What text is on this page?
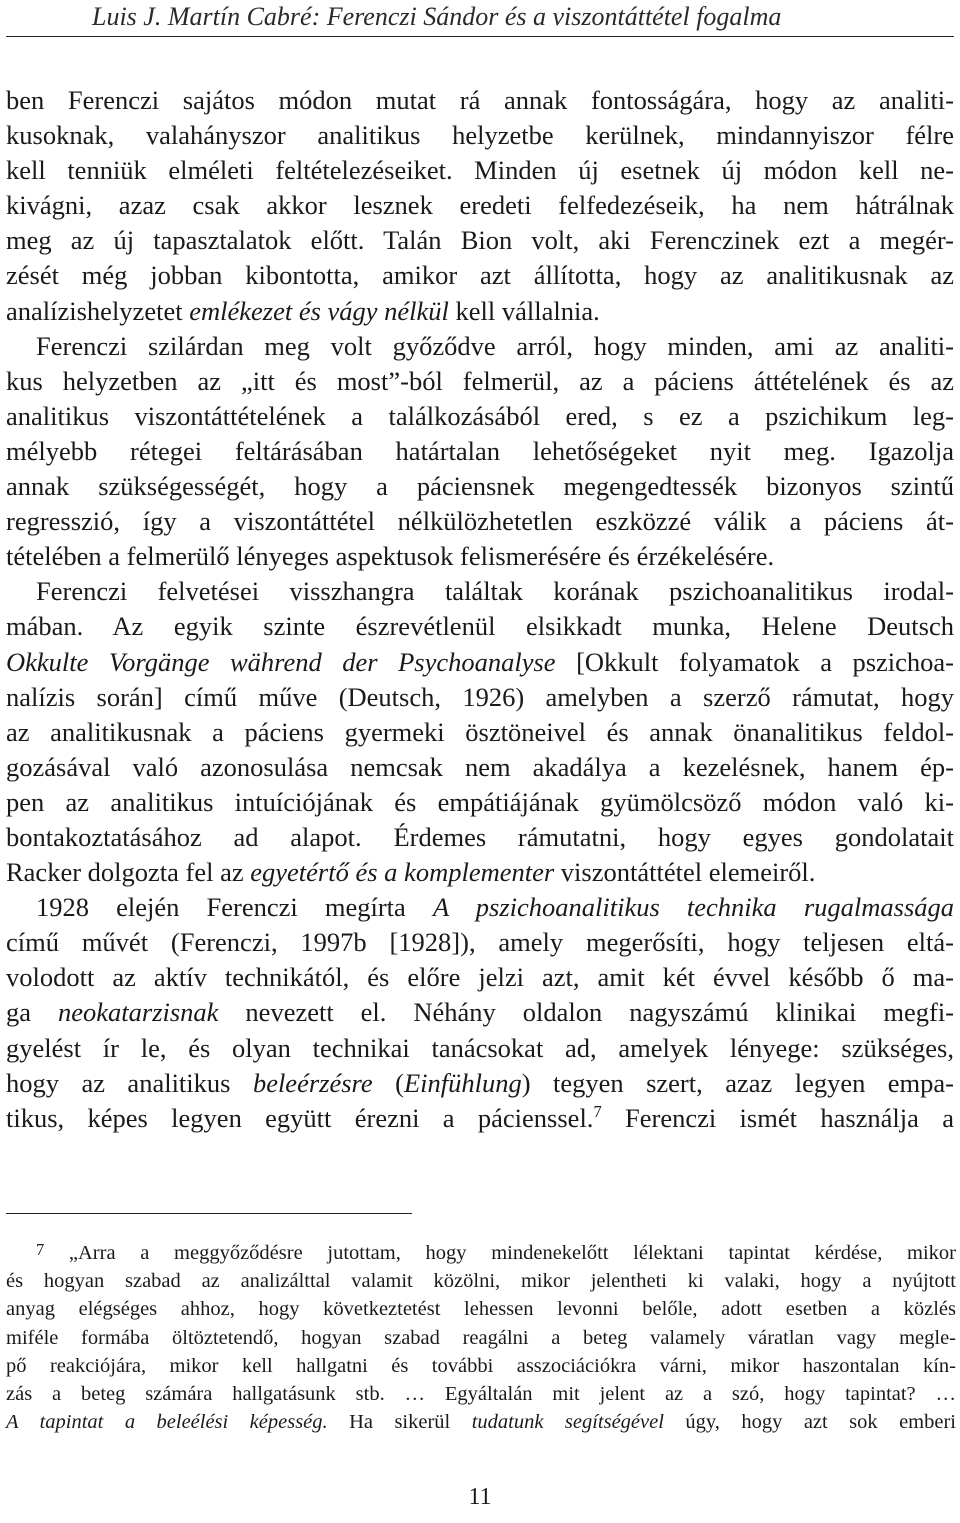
Luis J. Martín Cabré: Ferenczi Sándor és a viszontáttétel fogalma

ben Ferenczi sajátos módon mutat rá annak fontosságára, hogy az analiti-
kusoknak, valahányszor analitikus helyzetbe kerülnek, mindannyiszor félre
kell tenniük elméleti feltételezéseiket. Minden új esetnek új módon kell ne-
kivágni, azaz csak akkor lesznek eredeti felfedezéseik, ha nem hátrálnak
meg az új tapasztalatok előtt. Talán Bion volt, aki Ferenczinek ezt a megér-
zését még jobban kibontotta, amikor azt állította, hogy az analitikusnak az
analízishelyzetet emlékezet és vágy nélkül kell vállalnia.

Ferenczi szilárdan meg volt győződve arról, hogy minden, ami az analiti-
kus helyzetben az „itt és most”-ból felmerül, az a páciens áttételének és az
analitikus viszontáttételének a találkozásából ered, s ez a pszichikum leg-
mélyebb rétegei feltárásában határtalan lehetőségeket nyit meg. Igazolja
annak szükségességét, hogy a páciensnek megengedtessék bizonyos szintű
regresszió, így a viszontáttétel nélkülözhetetlen eszközzé válik a páciens át-
tételében a felmerülő lényeges aspektusok felismerésére és érzékelésére.

Ferenczi felvetései visszhangra találtak korának pszichoanalitikus irodal-
mában. Az egyik szinte észrevétlenül elsikkadt munka, Helene Deutsch
Okkulte Vorgänge während der Psychoanalyse [Okkult folyamatok a pszichoa-
nalízis során] című műve (Deutsch, 1926) amelyben a szerző rámutat, hogy
az analitikusnak a páciens gyermeki ösztöneivel és annak önanalitikus feldol-
gozásával való azonosulása nemcsak nem akadálya a kezelésnek, hanem ép-
pen az analitikus intuíciójának és empátiájának gyümölcsöző módon való ki-
bontakoztatásához ad alapot. Érdemes rámutatni, hogy egyes gondolatait
Racker dolgozta fel az egyetértő és a komplementer viszontáttétel elemeiről.

1928 elején Ferenczi megírta A pszichoanalitikus technika rugalmassága
című művét (Ferenczi, 1997b [1928]), amely megerősíti, hogy teljesen eltá-
volodott az aktív technikától, és előre jelzi azt, amit két évvel később ő ma-
ga neokatarzisnak nevezett el. Néhány oldalon nagyszámú klinikai megfi-
gyelést ír le, és olyan technikai tanácsokat ad, amelyek lényege: szükséges,
hogy az analitikus beleérzésre (Einfühlung) tegyen szert, azaz legyen empa-
tikus, képes legyen együtt érezni a pácienssel.$^7$ Ferenczi ismét használja a

7 „Arra a meggyőződésre jutottam, hogy mindenekelőtt lélektani tapintat kérdése, mikor
és hogyan szabad az analizálttal valamit közölni, mikor jelentheti ki valaki, hogy a nyújtott
anyag elégséges ahhoz, hogy következtetést lehessen levonni belőle, adott esetben a közlés
miféle formába öltöztetendő, hogyan szabad reagálni a beteg valamely váratlan vagy meglе-
pő reakciójára, mikor kell hallgatni és további asszociációkra várni, mikor haszontalan kín-
zás a beteg számára hallgatásunk stb. … Egyáltalán mit jelent az a szó, hogy tapintat? …
A tapintat a beleélési képesség. Ha sikerül tudatunk segítségével úgy, hogy azt sok emberi
11
